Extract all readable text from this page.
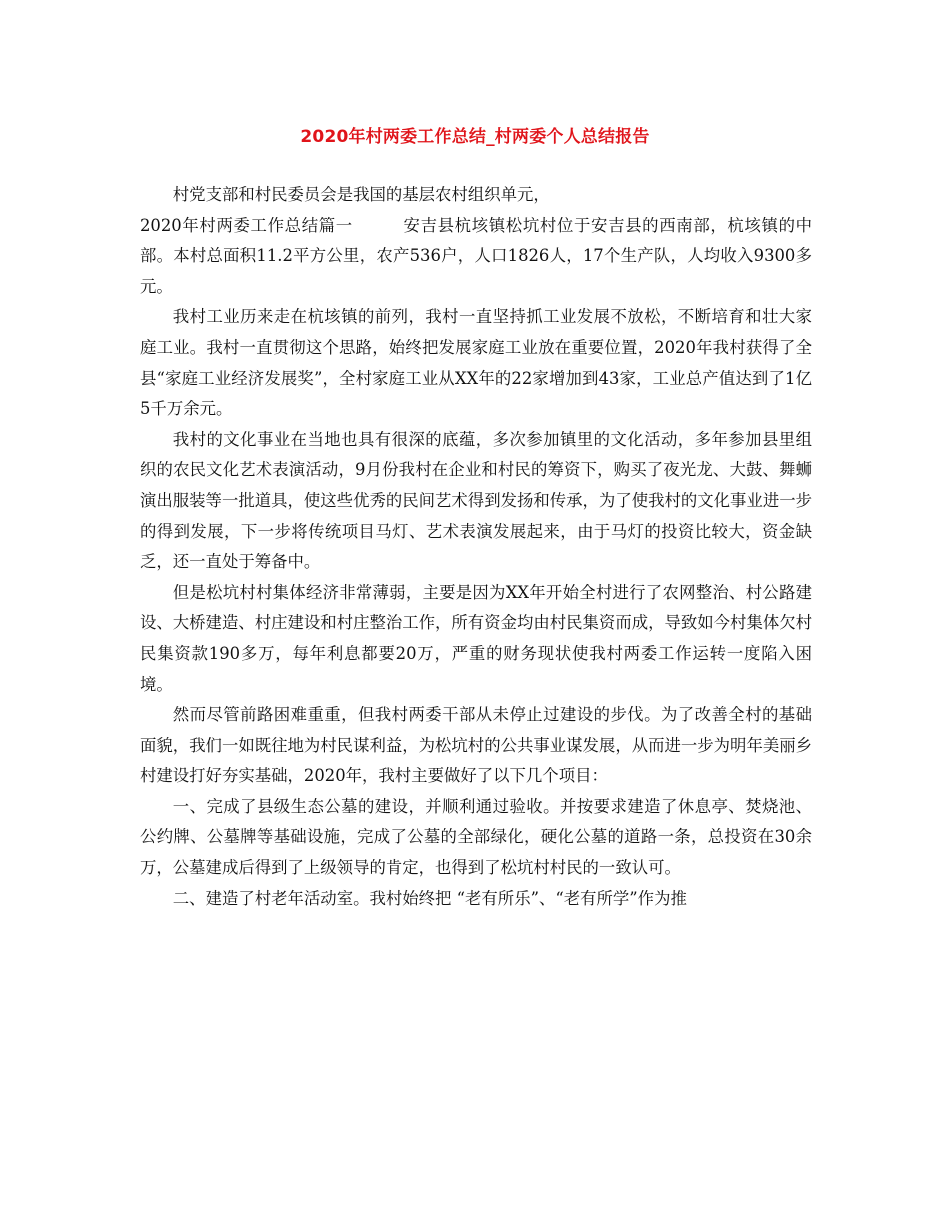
2020年村两委工作总结_村两委个人总结报告

村党支部和村民委员会是我国的基层农村组织单元，

2020年村两委工作总结篇一	安吉县杭垓镇松坑村位于安吉县的西南部，杭垓镇的中部。本村总面积11.2平方公里，农产536户，人口1826人，17个生产队，人均收入9300多元。

我村工业历来走在杭垓镇的前列，我村一直坚持抓工业发展不放松，不断培育和壮大家庭工业。我村一直贯彻这个思路，始终把发展家庭工业放在重要位置，2020年我村获得了全县“家庭工业经济发展奖”，全村家庭工业从XX年的22家增加到43家，工业总产值达到了1亿5千万余元。

我村的文化事业在当地也具有很深的底蕴，多次参加镇里的文化活动，多年参加县里组织的农民文化艺术表演活动，9月份我村在企业和村民的筹资下，购买了夜光龙、大鼓、舞蛳演出服装等一批道具，使这些优秀的民间艺术得到发扬和传承，为了使我村的文化事业进一步的得到发展，下一步将传统项目马灯、艺术表演发展起来，由于马灯的投资比较大，资金缺乏，还一直处于筹备中。

但是松坑村村集体经济非常薄弱，主要是因为XX年开始全村进行了农网整治、村公路建设、大桥建造、村庄建设和村庄整治工作，所有资金均由村民集资而成，导致如今村集体欠村民集资款190多万，每年利息都要20万，严重的财务现状使我村两委工作运转一度陷入困境。

然而尽管前路困难重重，但我村两委干部从未停止过建设的步伐。为了改善全村的基础面貌，我们一如既往地为村民谋利益，为松坑村的公共事业谋发展，从而进一步为明年美丽乡村建设打好夯实基础，2020年，我村主要做好了以下几个项目：

一、完成了县级生态公墓的建设，并顺利通过验收。并按要求建造了休息亭、焚烧池、公约牌、公墓牌等基础设施，完成了公墓的全部绿化，硬化公墓的道路一条，总投资在30余万，公墓建成后得到了上级领导的肯定，也得到了松坑村村民的一致认可。

二、建造了村老年活动室。我村始终把 “老有所乐”、“老有所学”作为推
